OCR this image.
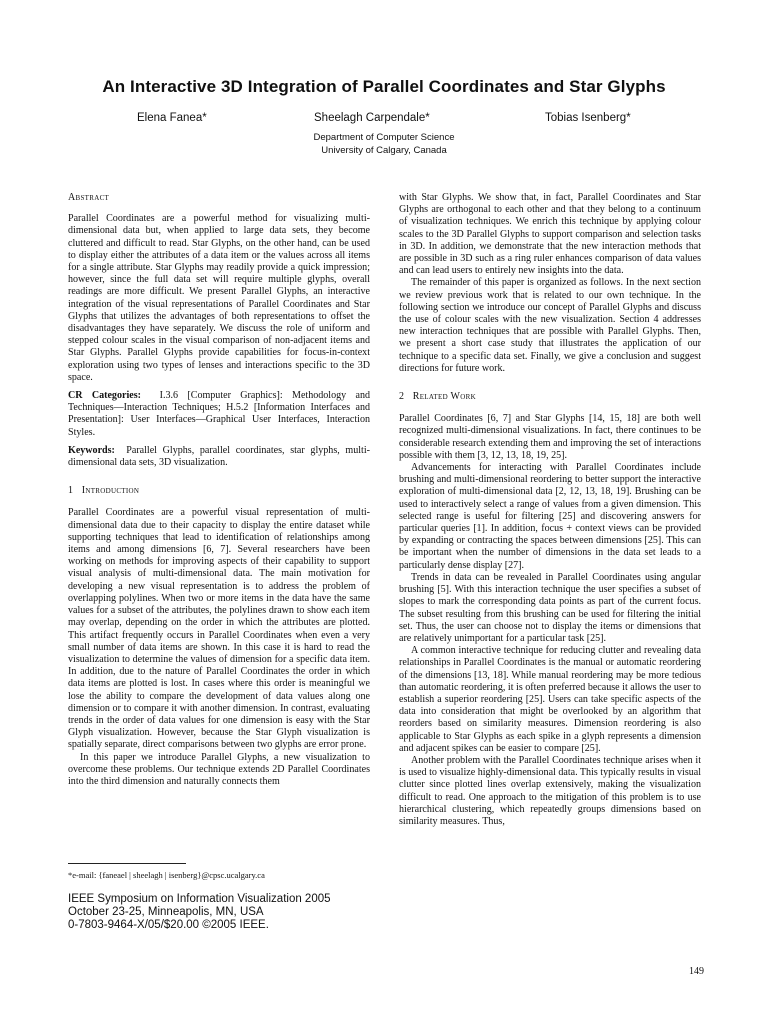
An Interactive 3D Integration of Parallel Coordinates and Star Glyphs
Elena Fanea*	Sheelagh Carpendale*	Tobias Isenberg*
Department of Computer Science
University of Calgary, Canada
Abstract

Parallel Coordinates are a powerful method for visualizing multi-dimensional data but, when applied to large data sets, they become cluttered and difficult to read. Star Glyphs, on the other hand, can be used to display either the attributes of a data item or the values across all items for a single attribute. Star Glyphs may readily provide a quick impression; however, since the full data set will require multiple glyphs, overall readings are more difficult. We present Parallel Glyphs, an interactive integration of the visual representations of Parallel Coordinates and Star Glyphs that utilizes the advantages of both representations to offset the disadvantages they have separately. We discuss the role of uniform and stepped colour scales in the visual comparison of non-adjacent items and Star Glyphs. Parallel Glyphs provide capabilities for focus-in-context exploration using two types of lenses and interactions specific to the 3D space.

CR Categories: I.3.6 [Computer Graphics]: Methodology and Techniques—Interaction Techniques; H.5.2 [Information Interfaces and Presentation]: User Interfaces—Graphical User Interfaces, Interaction Styles.

Keywords: Parallel Glyphs, parallel coordinates, star glyphs, multi-dimensional data sets, 3D visualization.

1 Introduction

Parallel Coordinates are a powerful visual representation of multi-dimensional data due to their capacity to display the entire dataset while supporting techniques that lead to identification of relationships among items and among dimensions [6, 7]. Several researchers have been working on methods for improving aspects of their capability to support visual analysis of multi-dimensional data. The main motivation for developing a new visual representation is to address the problem of overlapping polylines. When two or more items in the data have the same values for a subset of the attributes, the polylines drawn to show each item may overlap, depending on the order in which the attributes are plotted. This artifact frequently occurs in Parallel Coordinates when even a very small number of data items are shown. In this case it is hard to read the visualization to determine the values of dimension for a specific data item. In addition, due to the nature of Parallel Coordinates the order in which data items are plotted is lost. In cases where this order is meaningful we lose the ability to compare the development of data values along one dimension or to compare it with another dimension. In contrast, evaluating trends in the order of data values for one dimension is easy with the Star Glyph visualization. However, because the Star Glyph visualization is spatially separate, direct comparisons between two glyphs are error prone.

In this paper we introduce Parallel Glyphs, a new visualization to overcome these problems. Our technique extends 2D Parallel Coordinates into the third dimension and naturally connects them

*e-mail: {faneael | sheelagh | isenberg}@cpsc.ucalgary.ca
IEEE Symposium on Information Visualization 2005
October 23-25, Minneapolis, MN, USA
0-7803-9464-X/05/$20.00 ©2005 IEEE.

with Star Glyphs. We show that, in fact, Parallel Coordinates and Star Glyphs are orthogonal to each other and that they belong to a continuum of visualization techniques. We enrich this technique by applying colour scales to the 3D Parallel Glyphs to support comparison and selection tasks in 3D. In addition, we demonstrate that the new interaction methods that are possible in 3D such as a ring ruler enhances comparison of data values and can lead users to entirely new insights into the data.

The remainder of this paper is organized as follows. In the next section we review previous work that is related to our own technique. In the following section we introduce our concept of Parallel Glyphs and discuss the use of colour scales with the new visualization. Section 4 addresses new interaction techniques that are possible with Parallel Glyphs. Then, we present a short case study that illustrates the application of our technique to a specific data set. Finally, we give a conclusion and suggest directions for future work.

2 Related Work

Parallel Coordinates [6, 7] and Star Glyphs [14, 15, 18] are both well recognized multi-dimensional visualizations. In fact, there continues to be considerable research extending them and improving the set of interactions possible with them [3, 12, 13, 18, 19, 25].

Advancements for interacting with Parallel Coordinates include brushing and multi-dimensional reordering to better support the interactive exploration of multi-dimensional data [2, 12, 13, 18, 19]. Brushing can be used to interactively select a range of values from a given dimension. This selected range is useful for filtering [25] and discovering answers for particular queries [1]. In addition, focus + context views can be provided by expanding or contracting the spaces between dimensions [25]. This can be important when the number of dimensions in the data set leads to a particularly dense display [27].

Trends in data can be revealed in Parallel Coordinates using angular brushing [5]. With this interaction technique the user specifies a subset of slopes to mark the corresponding data points as part of the current focus. The subset resulting from this brushing can be used for filtering the initial set. Thus, the user can choose not to display the items or dimensions that are relatively unimportant for a particular task [25].

A common interactive technique for reducing clutter and revealing data relationships in Parallel Coordinates is the manual or automatic reordering of the dimensions [13, 18]. While manual reordering may be more tedious than automatic reordering, it is often preferred because it allows the user to establish a superior reordering [25]. Users can take specific aspects of the data into consideration that might be overlooked by an algorithm that reorders based on similarity measures. Dimension reordering is also applicable to Star Glyphs as each spike in a glyph represents a dimension and adjacent spikes can be easier to compare [25].

Another problem with the Parallel Coordinates technique arises when it is used to visualize highly-dimensional data. This typically results in visual clutter since plotted lines overlap extensively, making the visualization difficult to read. One approach to the mitigation of this problem is to use hierarchical clustering, which repeatedly groups dimensions based on similarity measures. Thus,

149
